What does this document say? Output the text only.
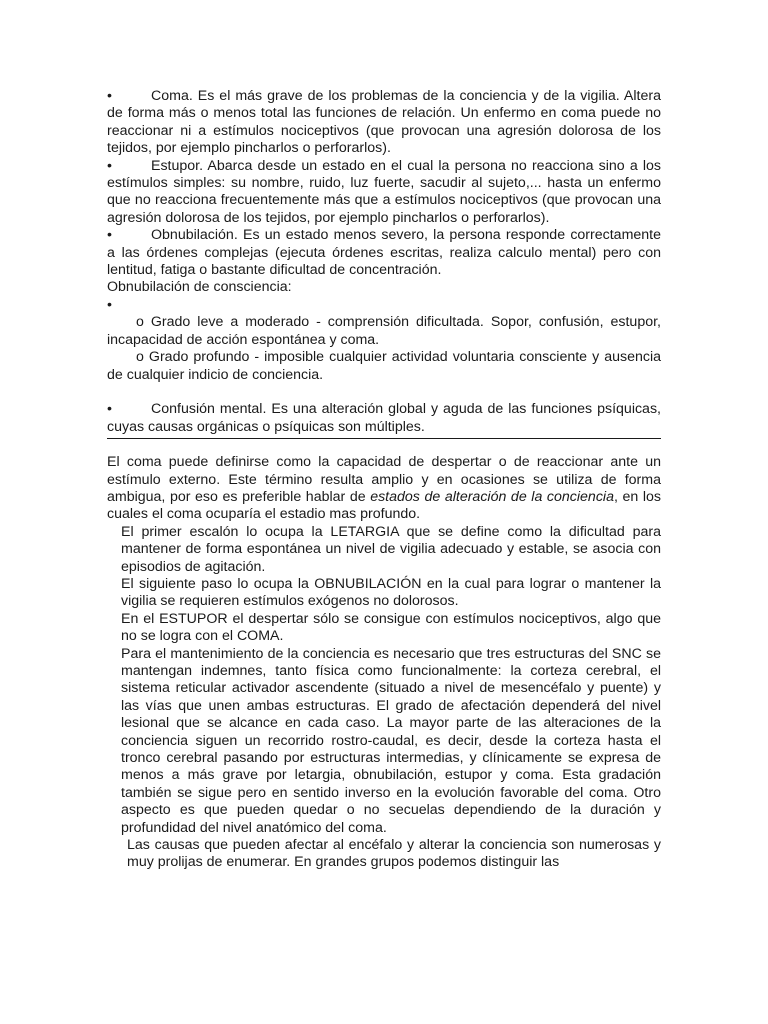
•	Coma. Es el más grave de los problemas de la conciencia y de la vigilia. Altera de forma más o menos total las funciones de relación. Un enfermo en coma puede no reaccionar ni a estímulos nociceptivos (que provocan una agresión dolorosa de los tejidos, por ejemplo pincharlos o perforarlos).

•	Estupor. Abarca desde un estado en el cual la persona no reacciona sino a los estímulos simples: su nombre, ruido, luz fuerte, sacudir al sujeto,... hasta un enfermo que no reacciona frecuentemente más que a estímulos nociceptivos (que provocan una agresión dolorosa de los tejidos, por ejemplo pincharlos o perforarlos).

•	Obnubilación. Es un estado menos severo, la persona responde correctamente a las órdenes complejas (ejecuta órdenes escritas, realiza calculo mental) pero con lentitud, fatiga o bastante dificultad de concentración.

Obnubilación de consciencia:

•

o Grado leve a moderado - comprensión dificultada. Sopor, confusión, estupor, incapacidad de acción espontánea y coma.

o Grado profundo - imposible cualquier actividad voluntaria consciente y ausencia de cualquier indicio de conciencia.

•	Confusión mental. Es una alteración global y aguda de las funciones psíquicas, cuyas causas orgánicas o psíquicas son múltiples.

El coma puede definirse como la capacidad de despertar o de reaccionar ante un estímulo externo. Este término resulta amplio y en ocasiones se utiliza de forma ambigua, por eso es preferible hablar de estados de alteración de la conciencia, en los cuales el coma ocuparía el estadio mas profundo.

El primer escalón lo ocupa la LETARGIA que se define como la dificultad para mantener de forma espontánea un nivel de vigilia adecuado y estable, se asocia con episodios de agitación.

El siguiente paso lo ocupa la OBNUBILACIÓN en la cual para lograr o mantener la vigilia se requieren estímulos exógenos no dolorosos.

En el ESTUPOR el despertar sólo se consigue con estímulos nociceptivos, algo que no se logra con el COMA.

Para el mantenimiento de la conciencia es necesario que tres estructuras del SNC se mantengan indemnes, tanto física como funcionalmente: la corteza cerebral, el sistema reticular activador ascendente (situado a nivel de mesencéfalo y puente) y las vías que unen ambas estructuras. El grado de afectación dependerá del nivel lesional que se alcance en cada caso. La mayor parte de las alteraciones de la conciencia siguen un recorrido rostro-caudal, es decir, desde la corteza hasta el tronco cerebral pasando por estructuras intermedias, y clínicamente se expresa de menos a más grave por letargia, obnubilación, estupor y coma. Esta gradación también se sigue pero en sentido inverso en la evolución favorable del coma. Otro aspecto es que pueden quedar o no secuelas dependiendo de la duración y profundidad del nivel anatómico del coma.

Las causas que pueden afectar al encéfalo y alterar la conciencia son numerosas y muy prolijas de enumerar. En grandes grupos podemos distinguir las
